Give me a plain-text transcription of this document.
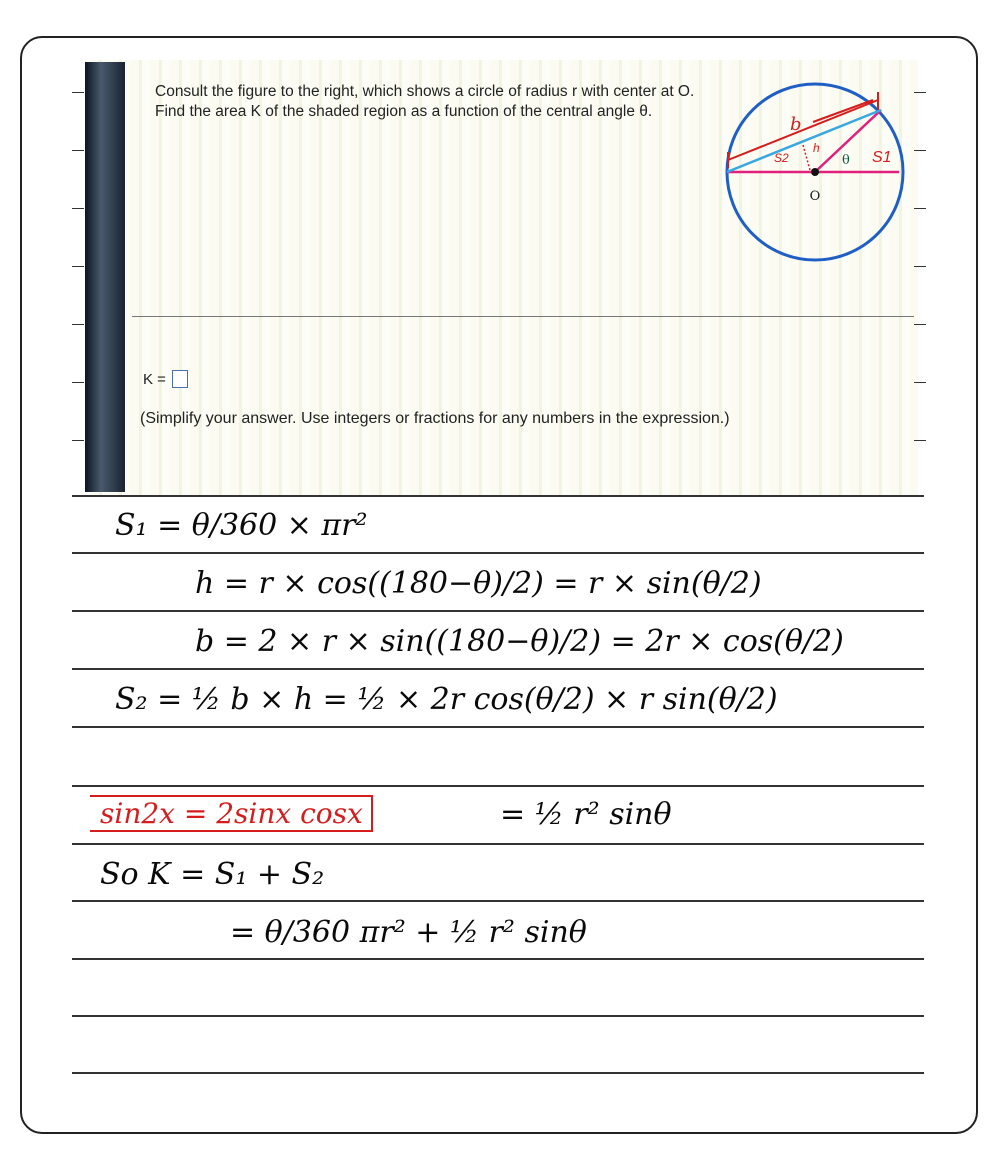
Consult the figure to the right, which shows a circle of radius r with center at O. Find the area K of the shaded region as a function of the central angle θ.
O
θ
b
S2
h
S1
K =
(Simplify your answer. Use integers or fractions for any numbers in the expression.)
S₁ = θ/360 × πr²
h = r × cos((180−θ)/2) = r × sin(θ/2)
b = 2 × r × sin((180−θ)/2) = 2r × cos(θ/2)
S₂ = ½ b × h = ½ × 2r cos(θ/2) × r sin(θ/2)
sin2x = 2sinx cosx	= ½ r² sinθ
So K = S₁ + S₂
= θ/360 πr² + ½ r² sinθ
